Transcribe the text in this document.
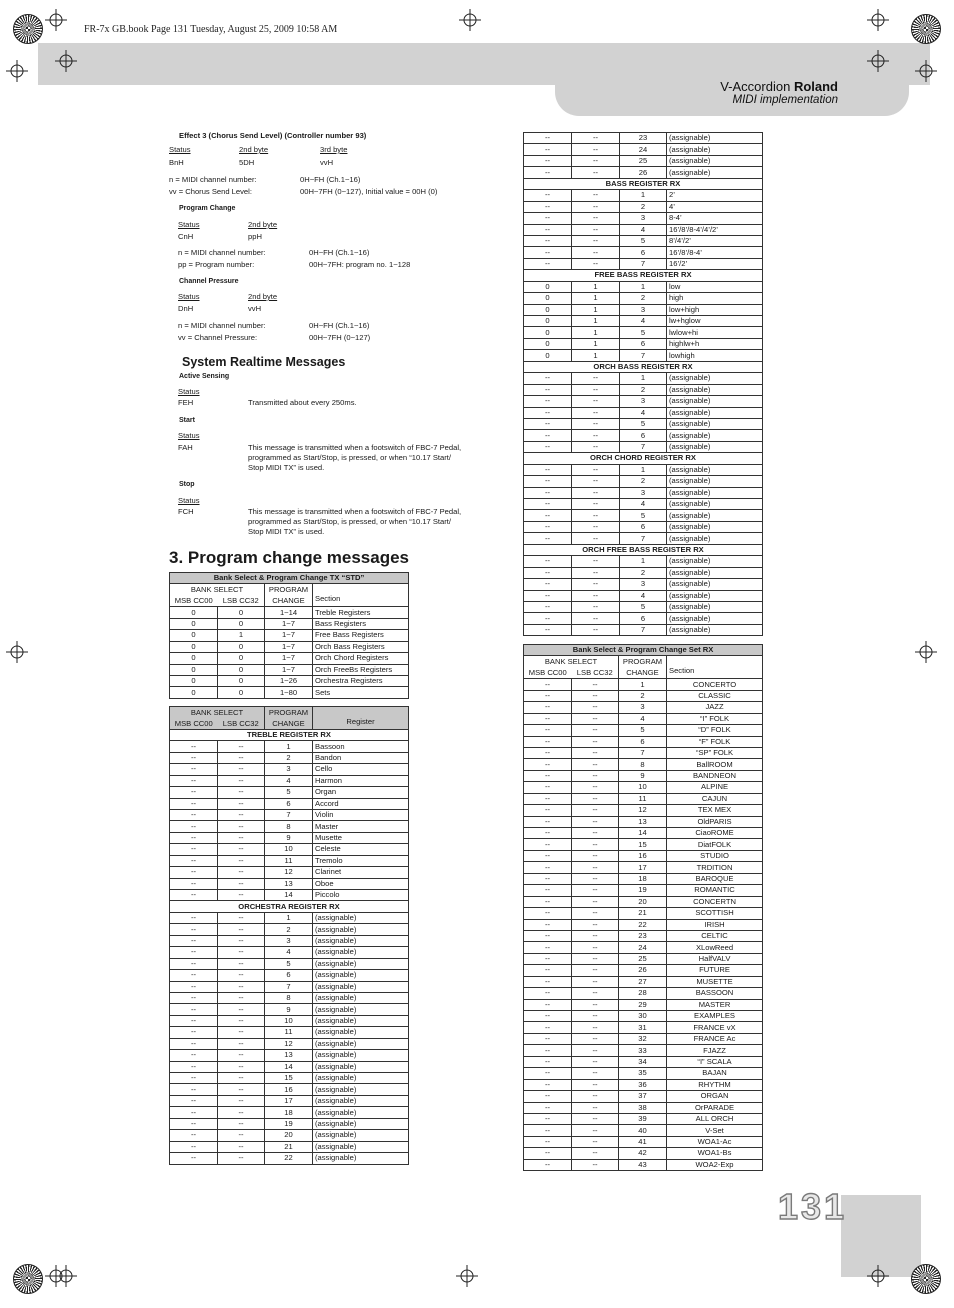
V-Accordion Roland
MIDI implementation
FR-7x GB.book Page 131 Tuesday, August 25, 2009 10:58 AM
131
Effect 3 (Chorus Send Level) (Controller number 93)
Status	2nd byte	3rd byte
BnH	5DH	vvH
n = MIDI channel number:	0H~FH (Ch.1~16)
vv = Chorus Send Level:	00H~7FH (0~127), Initial value = 00H (0)
Program Change
Status	2nd byte
CnH	ppH
n = MIDI channel number:	0H~FH (Ch.1~16)
pp = Program number:	00H~7FH: program no. 1~128
Channel Pressure
Status	2nd byte
DnH	vvH
n = MIDI channel number:	0H~FH (Ch.1~16)
vv = Channel Pressure:	00H~7FH (0~127)
System Realtime Messages
Active Sensing
Status
FEH	Transmitted about every 250ms.
Start
Status
FAH	This message is transmitted when a footswitch of FBC-7 Pedal,
programmed as Start/Stop, is pressed, or when “10.17 Start/
Stop MIDI TX” is used.
Stop
Status
FCH	This message is transmitted when a footswitch of FBC-7 Pedal,
programmed as Start/Stop, is pressed, or when “10.17 Start/
Stop MIDI TX” is used.
3. Program change messages
Bank Select & Program Change TX “STD”			
BANK SELECT		PROGRAM	Section
MSB CC00	LSB CC32	CHANGE	
0	0	1~14	Treble Registers
0	0	1~7	Bass Registers
0	1	1~7	Free Bass Registers
0	0	1~7	Orch Bass Registers
0	0	1~7	Orch Chord Registers
0	0	1~7	Orch FreeBs Registers
0	0	1~26	Orchestra Registers
0	0	1~80	Sets
BANK SELECT		PROGRAM	Register
MSB CC00	LSB CC32	CHANGE	
TREBLE REGISTER RX			
--	--	1	Bassoon
--	--	2	Bandon
--	--	3	Cello
--	--	4	Harmon
--	--	5	Organ
--	--	6	Accord
--	--	7	Violin
--	--	8	Master
--	--	9	Musette
--	--	10	Celeste
--	--	11	Tremolo
--	--	12	Clarinet
--	--	13	Oboe
--	--	14	Piccolo
ORCHESTRA REGISTER RX			
--	--	1	(assignable)
--	--	2	(assignable)
--	--	3	(assignable)
--	--	4	(assignable)
--	--	5	(assignable)
--	--	6	(assignable)
--	--	7	(assignable)
--	--	8	(assignable)
--	--	9	(assignable)
--	--	10	(assignable)
--	--	11	(assignable)
--	--	12	(assignable)
--	--	13	(assignable)
--	--	14	(assignable)
--	--	15	(assignable)
--	--	16	(assignable)
--	--	17	(assignable)
--	--	18	(assignable)
--	--	19	(assignable)
--	--	20	(assignable)
--	--	21	(assignable)
--	--	22	(assignable)
--	--	23	(assignable)
--	--	24	(assignable)
--	--	25	(assignable)
--	--	26	(assignable)
BASS REGISTER RX			
--	--	1	2’
--	--	2	4’
--	--	3	8-4’
--	--	4	16’/8’/8-4’/4’/2’
--	--	5	8’/4’/2’
--	--	6	16’/8’/8-4’
--	--	7	16’/2’
FREE BASS REGISTER RX			
0	1	1	low
0	1	2	high
0	1	3	low+high
0	1	4	lw+hglow
0	1	5	lwlow+hi
0	1	6	highlw+h
0	1	7	lowhigh
ORCH BASS REGISTER RX			
--	--	1	(assignable)
--	--	2	(assignable)
--	--	3	(assignable)
--	--	4	(assignable)
--	--	5	(assignable)
--	--	6	(assignable)
--	--	7	(assignable)
ORCH CHORD REGISTER RX			
--	--	1	(assignable)
--	--	2	(assignable)
--	--	3	(assignable)
--	--	4	(assignable)
--	--	5	(assignable)
--	--	6	(assignable)
--	--	7	(assignable)
ORCH FREE BASS REGISTER RX			
--	--	1	(assignable)
--	--	2	(assignable)
--	--	3	(assignable)
--	--	4	(assignable)
--	--	5	(assignable)
--	--	6	(assignable)
--	--	7	(assignable)
Bank Select & Program Change Set RX			
BANK SELECT		PROGRAM	Section
MSB CC00	LSB CC32	CHANGE	
--	--	1	CONCERTO
--	--	2	CLASSIC
--	--	3	JAZZ
--	--	4	“I” FOLK
--	--	5	“D” FOLK
--	--	6	“F” FOLK
--	--	7	“SP” FOLK
--	--	8	BallROOM
--	--	9	BANDNEON
--	--	10	ALPINE
--	--	11	CAJUN
--	--	12	TEX MEX
--	--	13	OldPARIS
--	--	14	CiaoROME
--	--	15	DiatFOLK
--	--	16	STUDIO
--	--	17	TRDITION
--	--	18	BAROQUE
--	--	19	ROMANTIC
--	--	20	CONCERTN
--	--	21	SCOTTISH
--	--	22	IRISH
--	--	23	CELTIC
--	--	24	XLowReed
--	--	25	HalfVALV
--	--	26	FUTURE
--	--	27	MUSETTE
--	--	28	BASSOON
--	--	29	MASTER
--	--	30	EXAMPLES
--	--	31	FRANCE vX
--	--	32	FRANCE Ac
--	--	33	FJAZZ
--	--	34	“I” SCALA
--	--	35	BAJAN
--	--	36	RHYTHM
--	--	37	ORGAN
--	--	38	OrPARADE
--	--	39	ALL ORCH
--	--	40	V-Set
--	--	41	WOA1-Ac
--	--	42	WOA1-Bs
--	--	43	WOA2-Exp
